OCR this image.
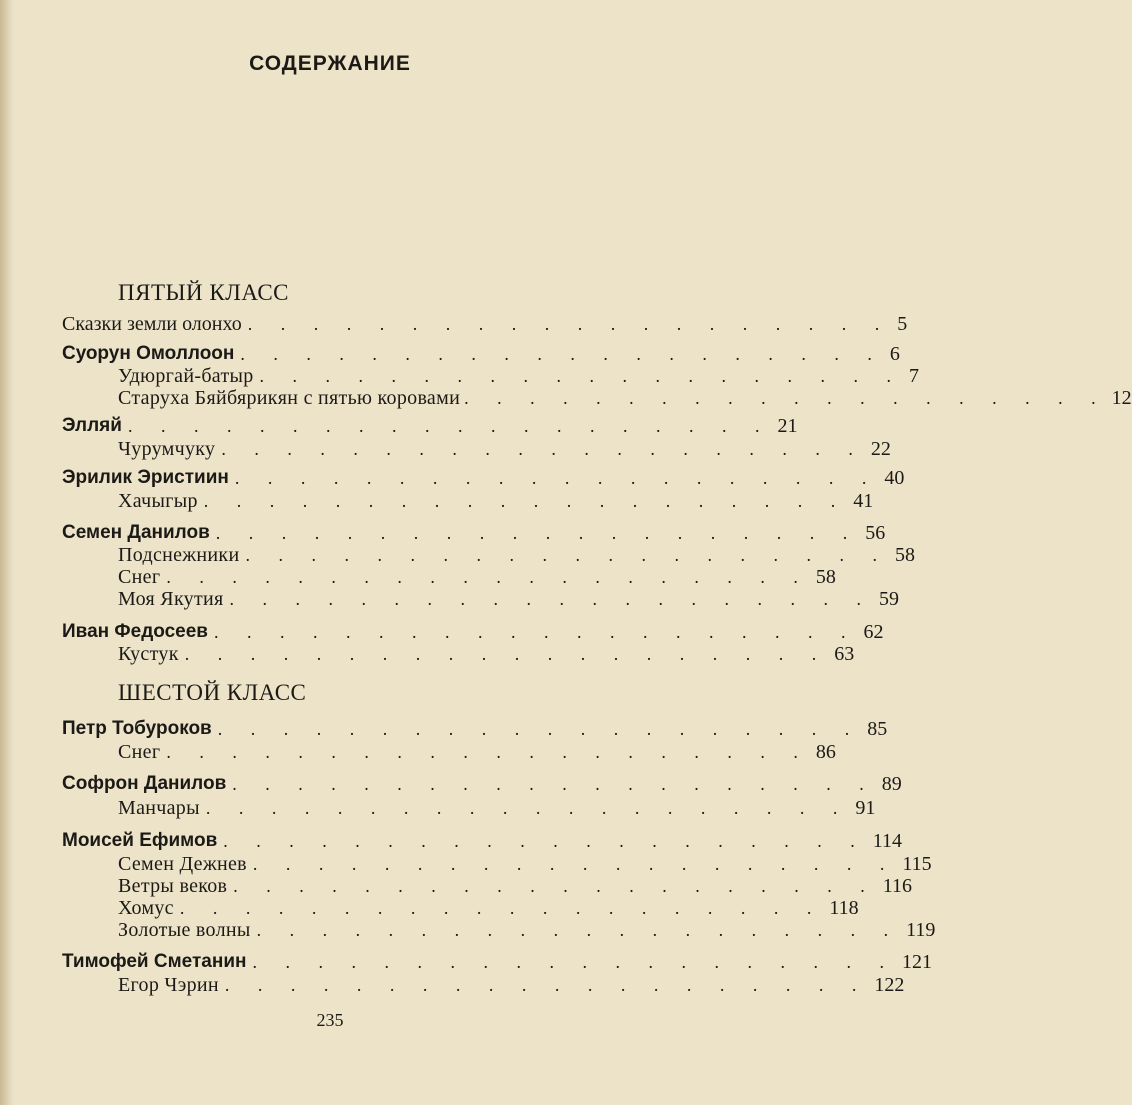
СОДЕРЖАНИЕ
ПЯТЫЙ КЛАСС
Сказки земли олонхо . . . . . . . . . . . . . . . . . . . . 5
Суорун Омоллоон . . . . . . . . . . . . . . . . . . . . 6
Удюргай-батыр . . . . . . . . . . . . . . . . . . . . 7
Старуха Бяйбярикян с пятью коровами . . . . . . . . . . . . . . . . . . . . 12
Элляй . . . . . . . . . . . . . . . . . . . . 21
Чурумчуку . . . . . . . . . . . . . . . . . . . . 22
Эрилик Эристиин . . . . . . . . . . . . . . . . . . . . 40
Хачыгыр . . . . . . . . . . . . . . . . . . . . 41
Семен Данилов . . . . . . . . . . . . . . . . . . . . 56
Подснежники . . . . . . . . . . . . . . . . . . . . 58
Снег . . . . . . . . . . . . . . . . . . . . 58
Моя Якутия . . . . . . . . . . . . . . . . . . . . 59
Иван Федосеев . . . . . . . . . . . . . . . . . . . . 62
Кустук . . . . . . . . . . . . . . . . . . . . 63
ШЕСТОЙ КЛАСС
Петр Тобуроков . . . . . . . . . . . . . . . . . . . . 85
Снег . . . . . . . . . . . . . . . . . . . . 86
Софрон Данилов . . . . . . . . . . . . . . . . . . . . 89
Манчары . . . . . . . . . . . . . . . . . . . . 91
Моисей Ефимов . . . . . . . . . . . . . . . . . . . . 114
Семен Дежнев . . . . . . . . . . . . . . . . . . . . 115
Ветры веков . . . . . . . . . . . . . . . . . . . . 116
Хомус . . . . . . . . . . . . . . . . . . . . 118
Золотые волны . . . . . . . . . . . . . . . . . . . . 119
Тимофей Сметанин . . . . . . . . . . . . . . . . . . . . 121
Егор Чэрин . . . . . . . . . . . . . . . . . . . . 122
235
